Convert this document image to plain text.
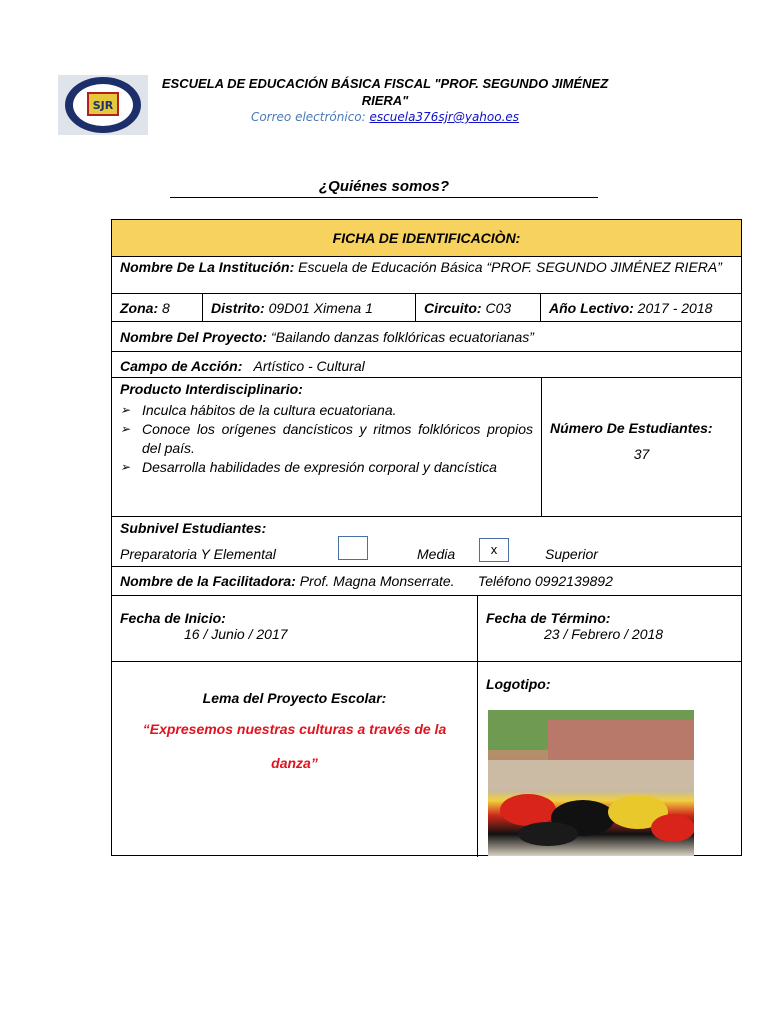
SJR
ESCUELA DE EDUCACIÓN BÁSICA FISCAL "PROF. SEGUNDO JIMÉNEZ RIERA"
Correo electrónico: escuela376sjr@yahoo.es
¿Quiénes somos?
FICHA DE IDENTIFICACIÒN:
Nombre De La Institución: Escuela de Educación Básica “PROF. SEGUNDO JIMÉNEZ RIERA”
Zona: 8	Distrito: 09D01 Ximena 1	Circuito: C03	Año Lectivo: 2017 - 2018
Nombre Del Proyecto: “Bailando danzas folklóricas ecuatorianas”
Campo de Acción: Artístico - Cultural
Producto Interdisciplinario:
➢ Inculca hábitos de la cultura ecuatoriana.
➢ Conoce los orígenes dancísticos y ritmos folklóricos propios del país.
➢ Desarrolla habilidades de expresión corporal y dancística
Número De Estudiantes:
37
Subnivel Estudiantes:
Preparatoria Y Elemental	Media	x	Superior
Nombre de la Facilitadora: Prof. Magna Monserrate. Teléfono 0992139892
Fecha de Inicio:
16 / Junio / 2017
Fecha de Término:
23 / Febrero / 2018
Lema del Proyecto Escolar:
“Expresemos nuestras culturas a través de la danza”
Logotipo:
